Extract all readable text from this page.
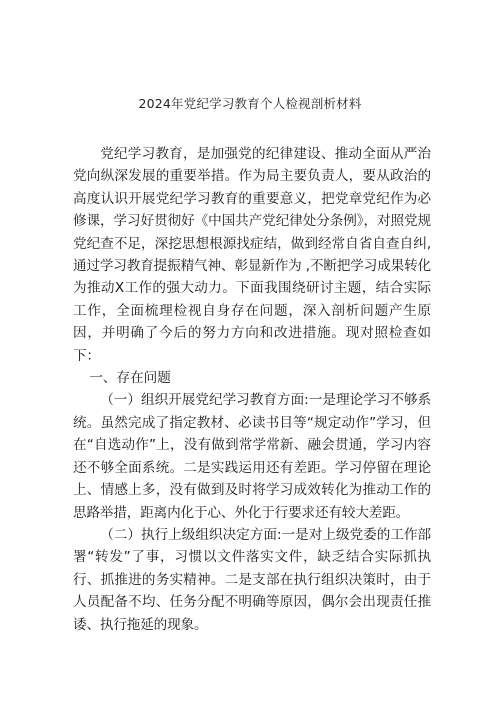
2024年党纪学习教育个人检视剖析材料

党纪学习教育，是加强党的纪律建设、推动全面从严治党向纵深发展的重要举措。作为局主要负责人，要从政治的高度认识开展党纪学习教育的重要意义，把党章党纪作为必修课，学习好贯彻好《中国共产党纪律处分条例》，对照党规党纪查不足，深挖思想根源找症结，做到经常自省自查自纠,通过学习教育提振精气神、彰显新作为 ,不断把学习成果转化为推动X工作的强大动力。下面我围绕研讨主题，结合实际工作，全面梳理检视自身存在问题，深入剖析问题产生原因，并明确了今后的努力方向和改进措施。现对照检查如下：

一、存在问题

（一）组织开展党纪学习教育方面:一是理论学习不够系统。虽然完成了指定教材、必读书目等“规定动作”学习，但在“自选动作”上，没有做到常学常新、融会贯通，学习内容还不够全面系统。二是实践运用还有差距。学习停留在理论上、情感上多，没有做到及时将学习成效转化为推动工作的思路举措，距离内化于心、外化于行要求还有较大差距。

（二）执行上级组织决定方面:一是对上级党委的工作部署“转发”了事，习惯以文件落实文件，缺乏结合实际抓执行、抓推进的务实精神。二是支部在执行组织决策时，由于人员配备不均、任务分配不明确等原因，偶尔会出现责任推诿、执行拖延的现象。
